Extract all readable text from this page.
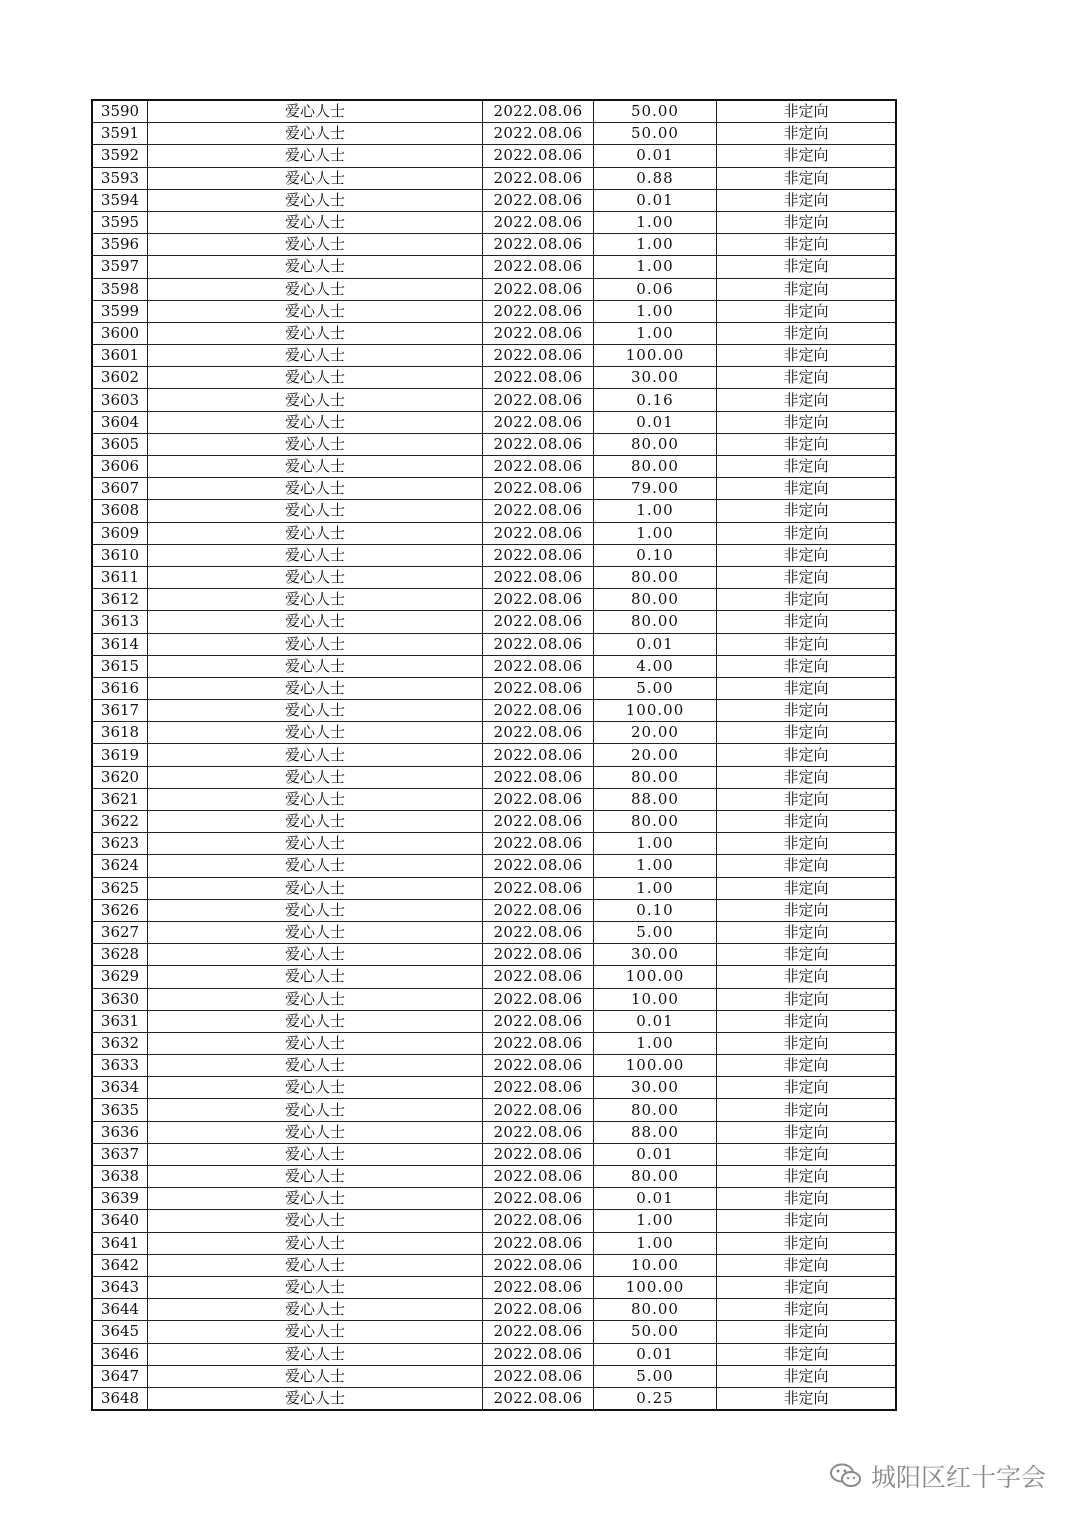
3590	爱心人士	2022.08.06	50.00	非定向
3591	爱心人士	2022.08.06	50.00	非定向
3592	爱心人士	2022.08.06	0.01	非定向
3593	爱心人士	2022.08.06	0.88	非定向
3594	爱心人士	2022.08.06	0.01	非定向
3595	爱心人士	2022.08.06	1.00	非定向
3596	爱心人士	2022.08.06	1.00	非定向
3597	爱心人士	2022.08.06	1.00	非定向
3598	爱心人士	2022.08.06	0.06	非定向
3599	爱心人士	2022.08.06	1.00	非定向
3600	爱心人士	2022.08.06	1.00	非定向
3601	爱心人士	2022.08.06	100.00	非定向
3602	爱心人士	2022.08.06	30.00	非定向
3603	爱心人士	2022.08.06	0.16	非定向
3604	爱心人士	2022.08.06	0.01	非定向
3605	爱心人士	2022.08.06	80.00	非定向
3606	爱心人士	2022.08.06	80.00	非定向
3607	爱心人士	2022.08.06	79.00	非定向
3608	爱心人士	2022.08.06	1.00	非定向
3609	爱心人士	2022.08.06	1.00	非定向
3610	爱心人士	2022.08.06	0.10	非定向
3611	爱心人士	2022.08.06	80.00	非定向
3612	爱心人士	2022.08.06	80.00	非定向
3613	爱心人士	2022.08.06	80.00	非定向
3614	爱心人士	2022.08.06	0.01	非定向
3615	爱心人士	2022.08.06	4.00	非定向
3616	爱心人士	2022.08.06	5.00	非定向
3617	爱心人士	2022.08.06	100.00	非定向
3618	爱心人士	2022.08.06	20.00	非定向
3619	爱心人士	2022.08.06	20.00	非定向
3620	爱心人士	2022.08.06	80.00	非定向
3621	爱心人士	2022.08.06	88.00	非定向
3622	爱心人士	2022.08.06	80.00	非定向
3623	爱心人士	2022.08.06	1.00	非定向
3624	爱心人士	2022.08.06	1.00	非定向
3625	爱心人士	2022.08.06	1.00	非定向
3626	爱心人士	2022.08.06	0.10	非定向
3627	爱心人士	2022.08.06	5.00	非定向
3628	爱心人士	2022.08.06	30.00	非定向
3629	爱心人士	2022.08.06	100.00	非定向
3630	爱心人士	2022.08.06	10.00	非定向
3631	爱心人士	2022.08.06	0.01	非定向
3632	爱心人士	2022.08.06	1.00	非定向
3633	爱心人士	2022.08.06	100.00	非定向
3634	爱心人士	2022.08.06	30.00	非定向
3635	爱心人士	2022.08.06	80.00	非定向
3636	爱心人士	2022.08.06	88.00	非定向
3637	爱心人士	2022.08.06	0.01	非定向
3638	爱心人士	2022.08.06	80.00	非定向
3639	爱心人士	2022.08.06	0.01	非定向
3640	爱心人士	2022.08.06	1.00	非定向
3641	爱心人士	2022.08.06	1.00	非定向
3642	爱心人士	2022.08.06	10.00	非定向
3643	爱心人士	2022.08.06	100.00	非定向
3644	爱心人士	2022.08.06	80.00	非定向
3645	爱心人士	2022.08.06	50.00	非定向
3646	爱心人士	2022.08.06	0.01	非定向
3647	爱心人士	2022.08.06	5.00	非定向
3648	爱心人士	2022.08.06	0.25	非定向
城阳区红十字会
